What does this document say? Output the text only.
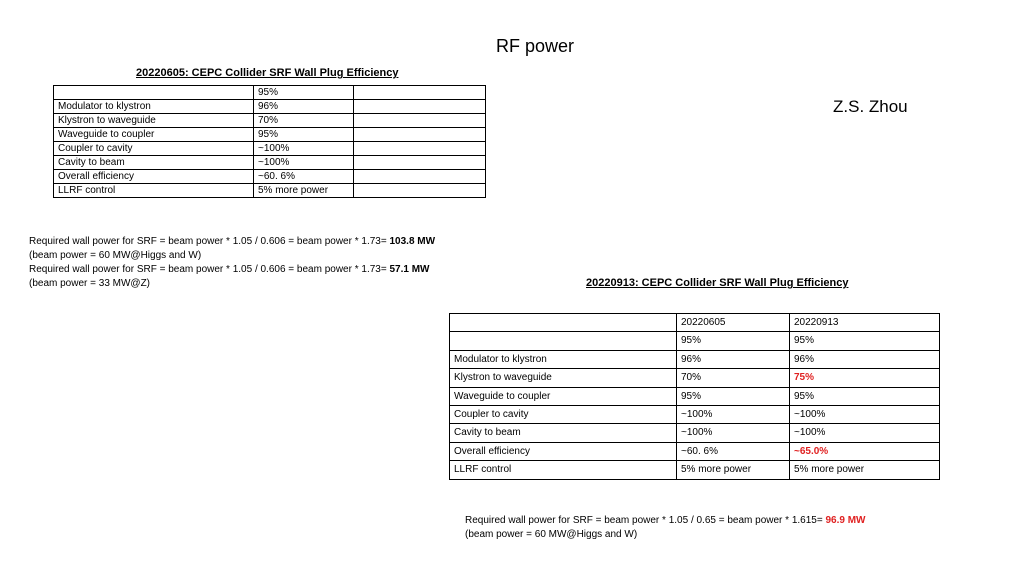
RF power
Z.S. Zhou
20220605: CEPC Collider SRF Wall Plug Efficiency
	95%	
Modulator to klystron	96%	
Klystron to waveguide	70%	
Waveguide to coupler	95%	
Coupler to cavity	~100%	
Cavity to beam	~100%	
Overall efficiency	~60. 6%	
LLRF control	5% more power	
Required wall power for SRF = beam power * 1.05 / 0.606 = beam power * 1.73= 103.8 MW
(beam power = 60 MW@Higgs and W)
Required wall power for SRF = beam power * 1.05 / 0.606 = beam power * 1.73= 57.1 MW
(beam power = 33 MW@Z)	20220913: CEPC Collider SRF Wall Plug Efficiency
	20220605	20220913
	95%	95%
Modulator to klystron	96%	96%
Klystron to waveguide	70%	75%
Waveguide to coupler	95%	95%
Coupler to cavity	~100%	~100%
Cavity to beam	~100%	~100%
Overall efficiency	~60. 6%	~65.0%
LLRF control	5% more power	5% more power
Required wall power for SRF = beam power * 1.05 / 0.65 = beam power * 1.615= 96.9 MW
(beam power = 60 MW@Higgs and W)
